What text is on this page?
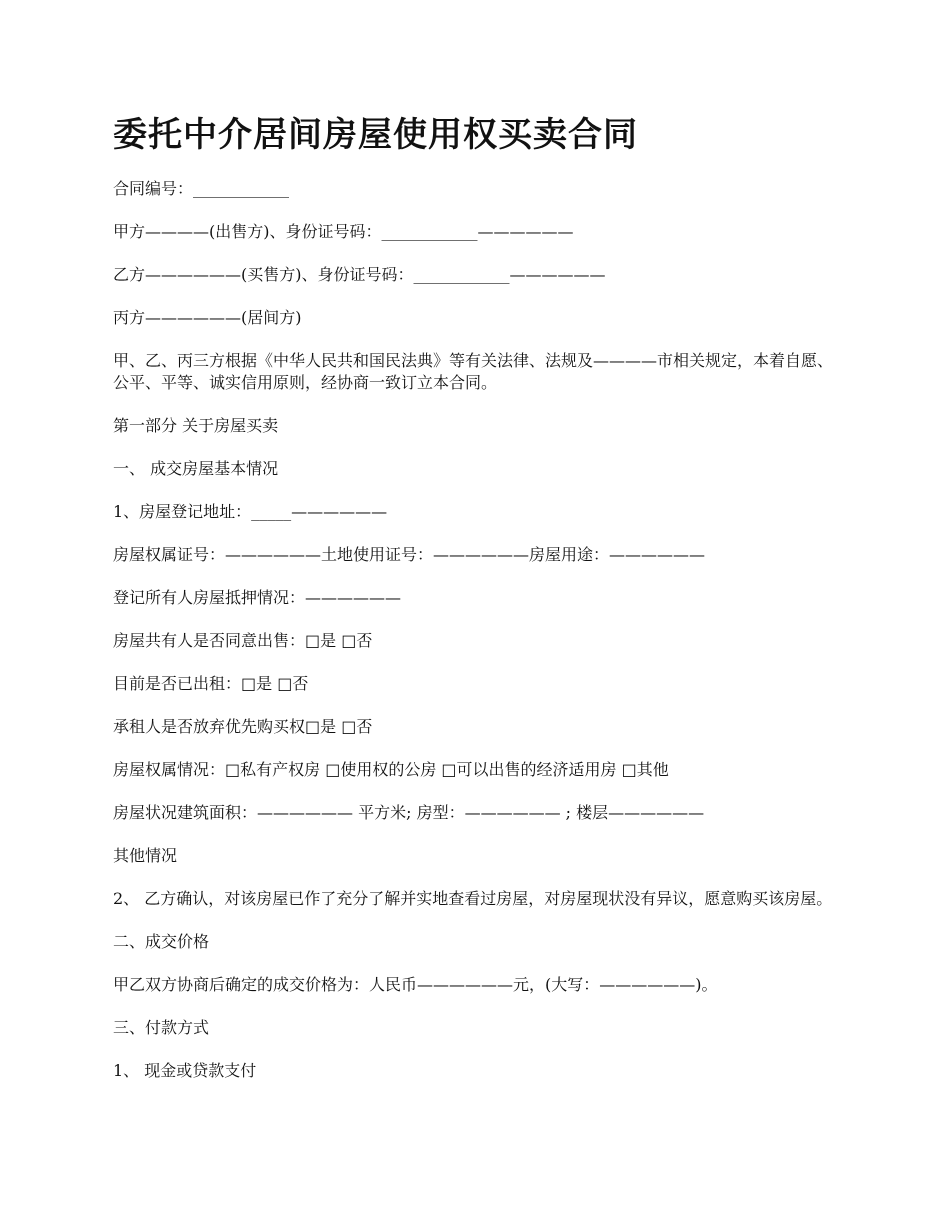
委托中介居间房屋使用权买卖合同

合同编号：____________

甲方————(出售方)、身份证号码：____________——————

乙方——————(买售方)、身份证号码：____________——————

丙方——————(居间方)

甲、乙、丙三方根据《中华人民共和国民法典》等有关法律、法规及————市相关规定，本着自愿、公平、平等、诚实信用原则，经协商一致订立本合同。

第一部分 关于房屋买卖

一、 成交房屋基本情况

1、房屋登记地址：_____——————

房屋权属证号：——————土地使用证号：——————房屋用途：——————

登记所有人房屋抵押情况：——————

房屋共有人是否同意出售：□是 □否

目前是否已出租：□是 □否

承租人是否放弃优先购买权□是 □否

房屋权属情况：□私有产权房 □使用权的公房 □可以出售的经济适用房 □其他

房屋状况建筑面积：—————— 平方米; 房型：—————— ; 楼层——————

其他情况

2、 乙方确认，对该房屋已作了充分了解并实地查看过房屋，对房屋现状没有异议，愿意购买该房屋。

二、成交价格

甲乙双方协商后确定的成交价格为：人民币——————元，(大写：——————)。

三、付款方式

1、 现金或贷款支付
